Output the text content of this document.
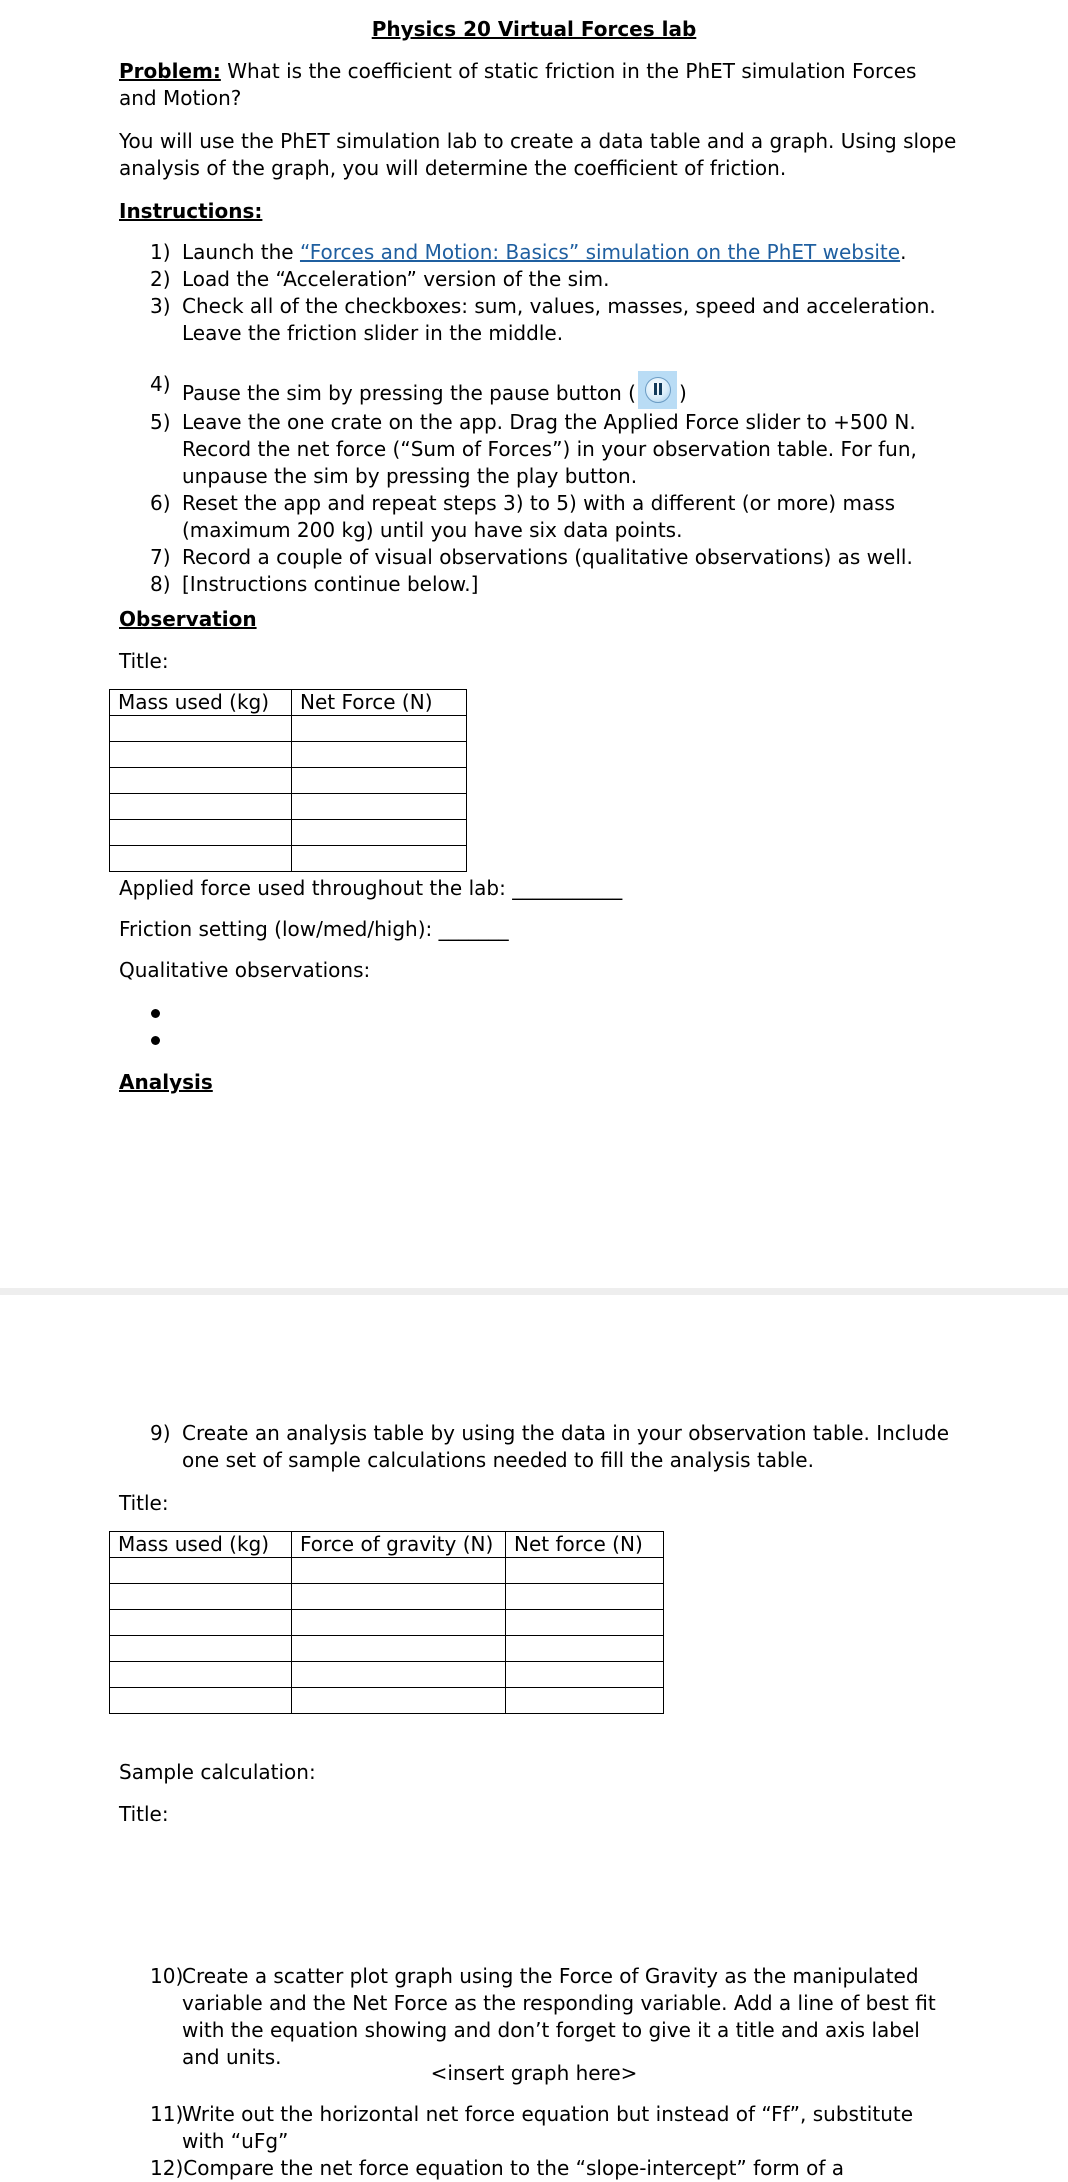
Physics 20 Virtual Forces lab
Problem: What is the coefficient of static friction in the PhET simulation Forces and Motion?
You will use the PhET simulation lab to create a data table and a graph. Using slope analysis of the graph, you will determine the coefficient of friction.
Instructions:
1) Launch the “Forces and Motion: Basics” simulation on the PhET website.
2) Load the “Acceleration” version of the sim.
3) Check all of the checkboxes: sum, values, masses, speed and acceleration. Leave the friction slider in the middle.
4) Pause the sim by pressing the pause button ( )
5) Leave the one crate on the app. Drag the Applied Force slider to +500 N. Record the net force (“Sum of Forces”) in your observation table. For fun, unpause the sim by pressing the play button.
6) Reset the app and repeat steps 3) to 5) with a different (or more) mass (maximum 200 kg) until you have six data points.
7) Record a couple of visual observations (qualitative observations) as well.
8) [Instructions continue below.]
Observation
Title:
Mass used (kg)	Net Force (N)

Applied force used throughout the lab: ___________
Friction setting (low/med/high): _______
Qualitative observations:
Analysis
9) Create an analysis table by using the data in your observation table. Include one set of sample calculations needed to fill the analysis table.
Title:
Mass used (kg)	Force of gravity (N)	Net force (N)

Sample calculation:
Title:
10)
Create a scatter plot graph using the Force of Gravity as the manipulated variable and the Net Force as the responding variable. Add a line of best fit with the equation showing and don’t forget to give it a title and axis label and units.
<insert graph here>
11)
Write out the horizontal net force equation but instead of “Ff”, substitute with “uFg”
12)Compare the net force equation to the “slope-intercept” form of a
